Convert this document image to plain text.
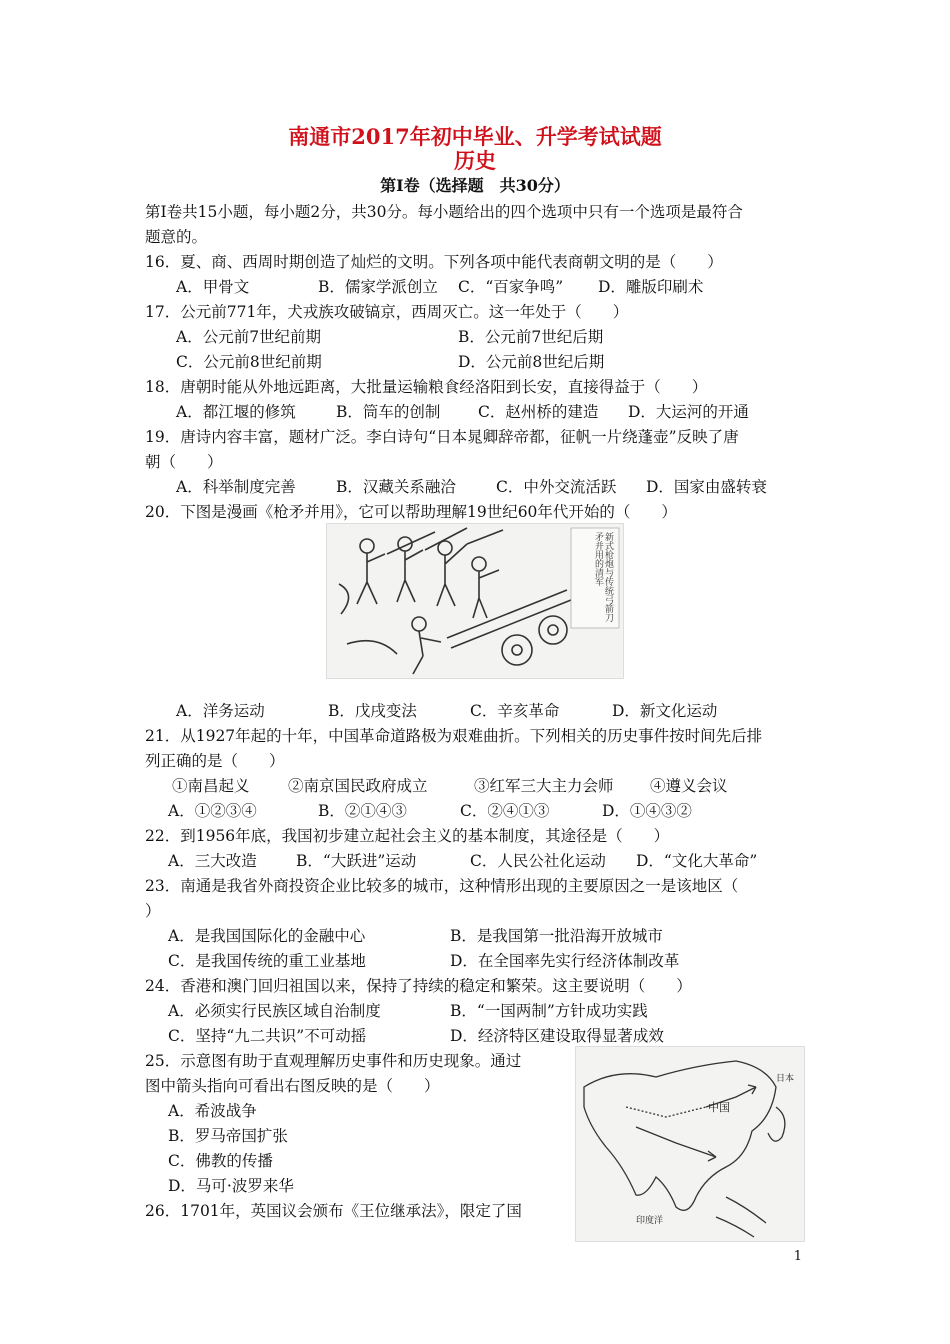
南通市2017年初中毕业、升学考试试题
历史
第Ⅰ卷（选择题　共30分）
第Ⅰ卷共15小题，每小题2分，共30分。每小题给出的四个选项中只有一个选项是最符合
题意的。
16．夏、商、西周时期创造了灿烂的文明。下列各项中能代表商朝文明的是（　　）
A．甲骨文	B．儒家学派创立 C．“百家争鸣” D．雕版印刷术
17．公元前771年，犬戎族攻破镐京，西周灭亡。这一年处于（　　）
A．公元前7世纪前期	B．公元前7世纪后期
C．公元前8世纪前期	D．公元前8世纪后期
18．唐朝时能从外地远距离，大批量运输粮食经洛阳到长安，直接得益于（　　）
A．都江堰的修筑	B．筒车的创制 C．赵州桥的建造 D．大运河的开通
19．唐诗内容丰富，题材广泛。李白诗句“日本晁卿辞帝都，征帆一片绕蓬壶”反映了唐
朝（　　）
A．科举制度完善	B．汉藏关系融洽	C．中外交流活跃 D．国家由盛转衰
20．下图是漫画《枪矛并用》，它可以帮助理解19世纪60年代开始的（　　）
新式枪炮与传统弓箭刀矛并用的清军
A．洋务运动	B．戊戌变法	C．辛亥革命	D．新文化运动
21．从1927年起的十年，中国革命道路极为艰难曲折。下列相关的历史事件按时间先后排
列正确的是（　　）
①南昌起义 ②南京国民政府成立	③红军三大主力会师 ④遵义会议
A．①②③④	B．②①④③	C．②④①③	D．①④③②
22．到1956年底，我国初步建立起社会主义的基本制度，其途径是（　　）
A．三大改造	B．“大跃进”运动	C．人民公社化运动 D．“文化大革命”
23．南通是我省外商投资企业比较多的城市，这种情形出现的主要原因之一是该地区（
）
A．是我国国际化的金融中心	B．是我国第一批沿海开放城市
C．是我国传统的重工业基地	D．在全国率先实行经济体制改革
24．香港和澳门回归祖国以来，保持了持续的稳定和繁荣。这主要说明（　　）
A．必须实行民族区域自治制度	B．“一国两制”方针成功实践
C．坚持“九二共识”不可动摇	D．经济特区建设取得显著成效
25．示意图有助于直观理解历史事件和历史现象。通过
图中箭头指向可看出右图反映的是（　　）
A．希波战争
B．罗马帝国扩张
C．佛教的传播
D．马可·波罗来华
中国
印度洋
日本
26．1701年，英国议会颁布《王位继承法》，限定了国
1
